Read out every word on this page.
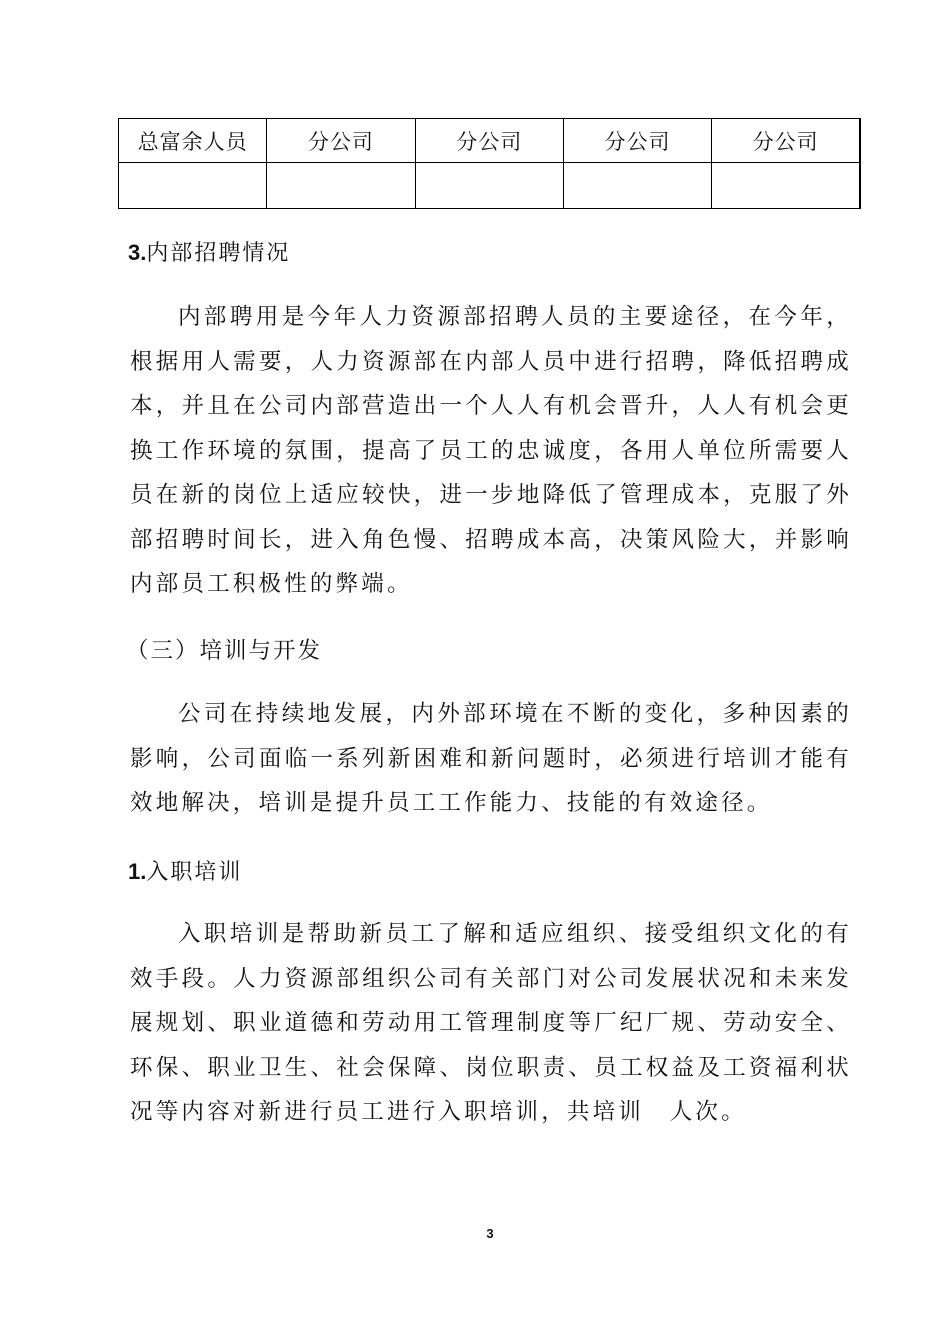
总富余人员	分公司	分公司	分公司	分公司

3.内部招聘情况

内部聘用是今年人力资源部招聘人员的主要途径，在今年，根据用人需要，人力资源部在内部人员中进行招聘，降低招聘成本，并且在公司内部营造出一个人人有机会晋升，人人有机会更换工作环境的氛围，提高了员工的忠诚度，各用人单位所需要人员在新的岗位上适应较快，进一步地降低了管理成本，克服了外部招聘时间长，进入角色慢、招聘成本高，决策风险大，并影响内部员工积极性的弊端。

（三）培训与开发

公司在持续地发展，内外部环境在不断的变化，多种因素的影响，公司面临一系列新困难和新问题时，必须进行培训才能有效地解决，培训是提升员工工作能力、技能的有效途径。

1.入职培训

入职培训是帮助新员工了解和适应组织、接受组织文化的有效手段。人力资源部组织公司有关部门对公司发展状况和未来发展规划、职业道德和劳动用工管理制度等厂纪厂规、劳动安全、环保、职业卫生、社会保障、岗位职责、员工权益及工资福利状况等内容对新进行员工进行入职培训，共培训　人次。

3
